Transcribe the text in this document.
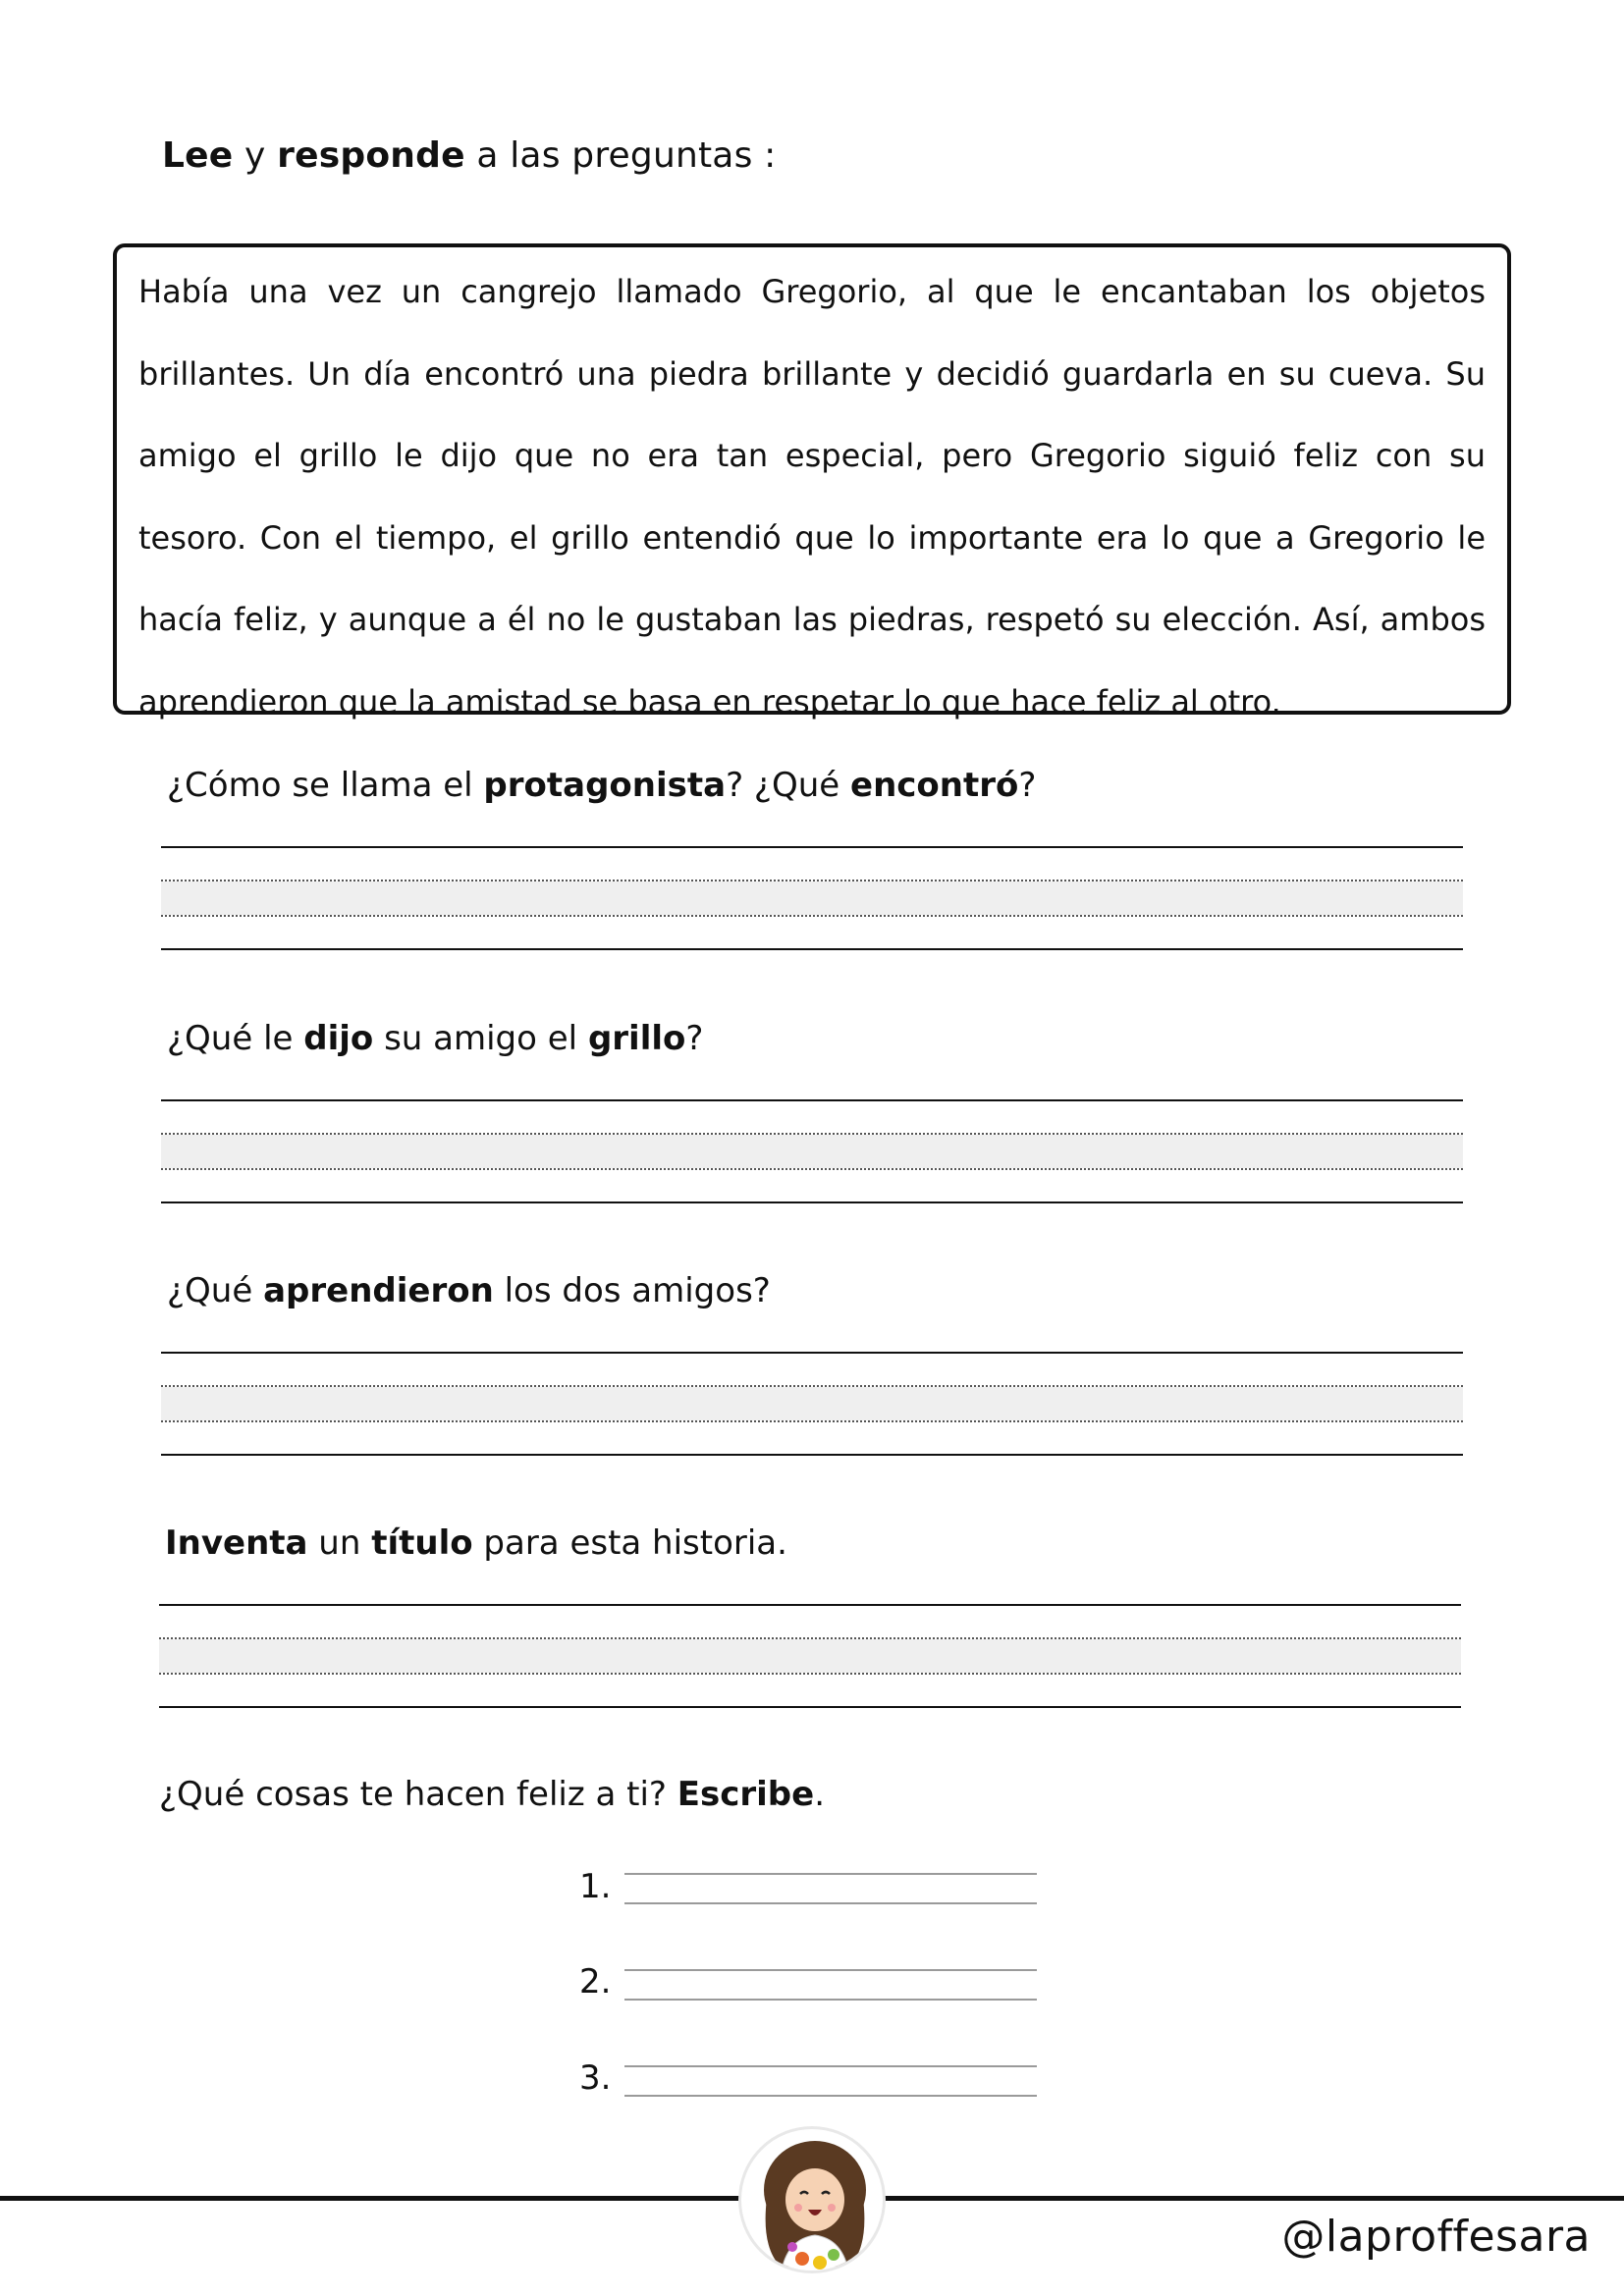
Lee y responde a las preguntas :

Había una vez un cangrejo llamado Gregorio, al que le encantaban los objetos brillantes. Un día encontró una piedra brillante y decidió guardarla en su cueva. Su amigo el grillo le dijo que no era tan especial, pero Gregorio siguió feliz con su tesoro. Con el tiempo, el grillo entendió que lo importante era lo que a Gregorio le hacía feliz, y aunque a él no le gustaban las piedras, respetó su elección. Así, ambos aprendieron que la amistad se basa en respetar lo que hace feliz al otro.

¿Cómo se llama el protagonista? ¿Qué encontró?
¿Qué le dijo su amigo el grillo?
¿Qué aprendieron los dos amigos?
Inventa un título para esta historia.
¿Qué cosas te hacen feliz a ti? Escribe.
1.
2.
3.
@laproffesara
